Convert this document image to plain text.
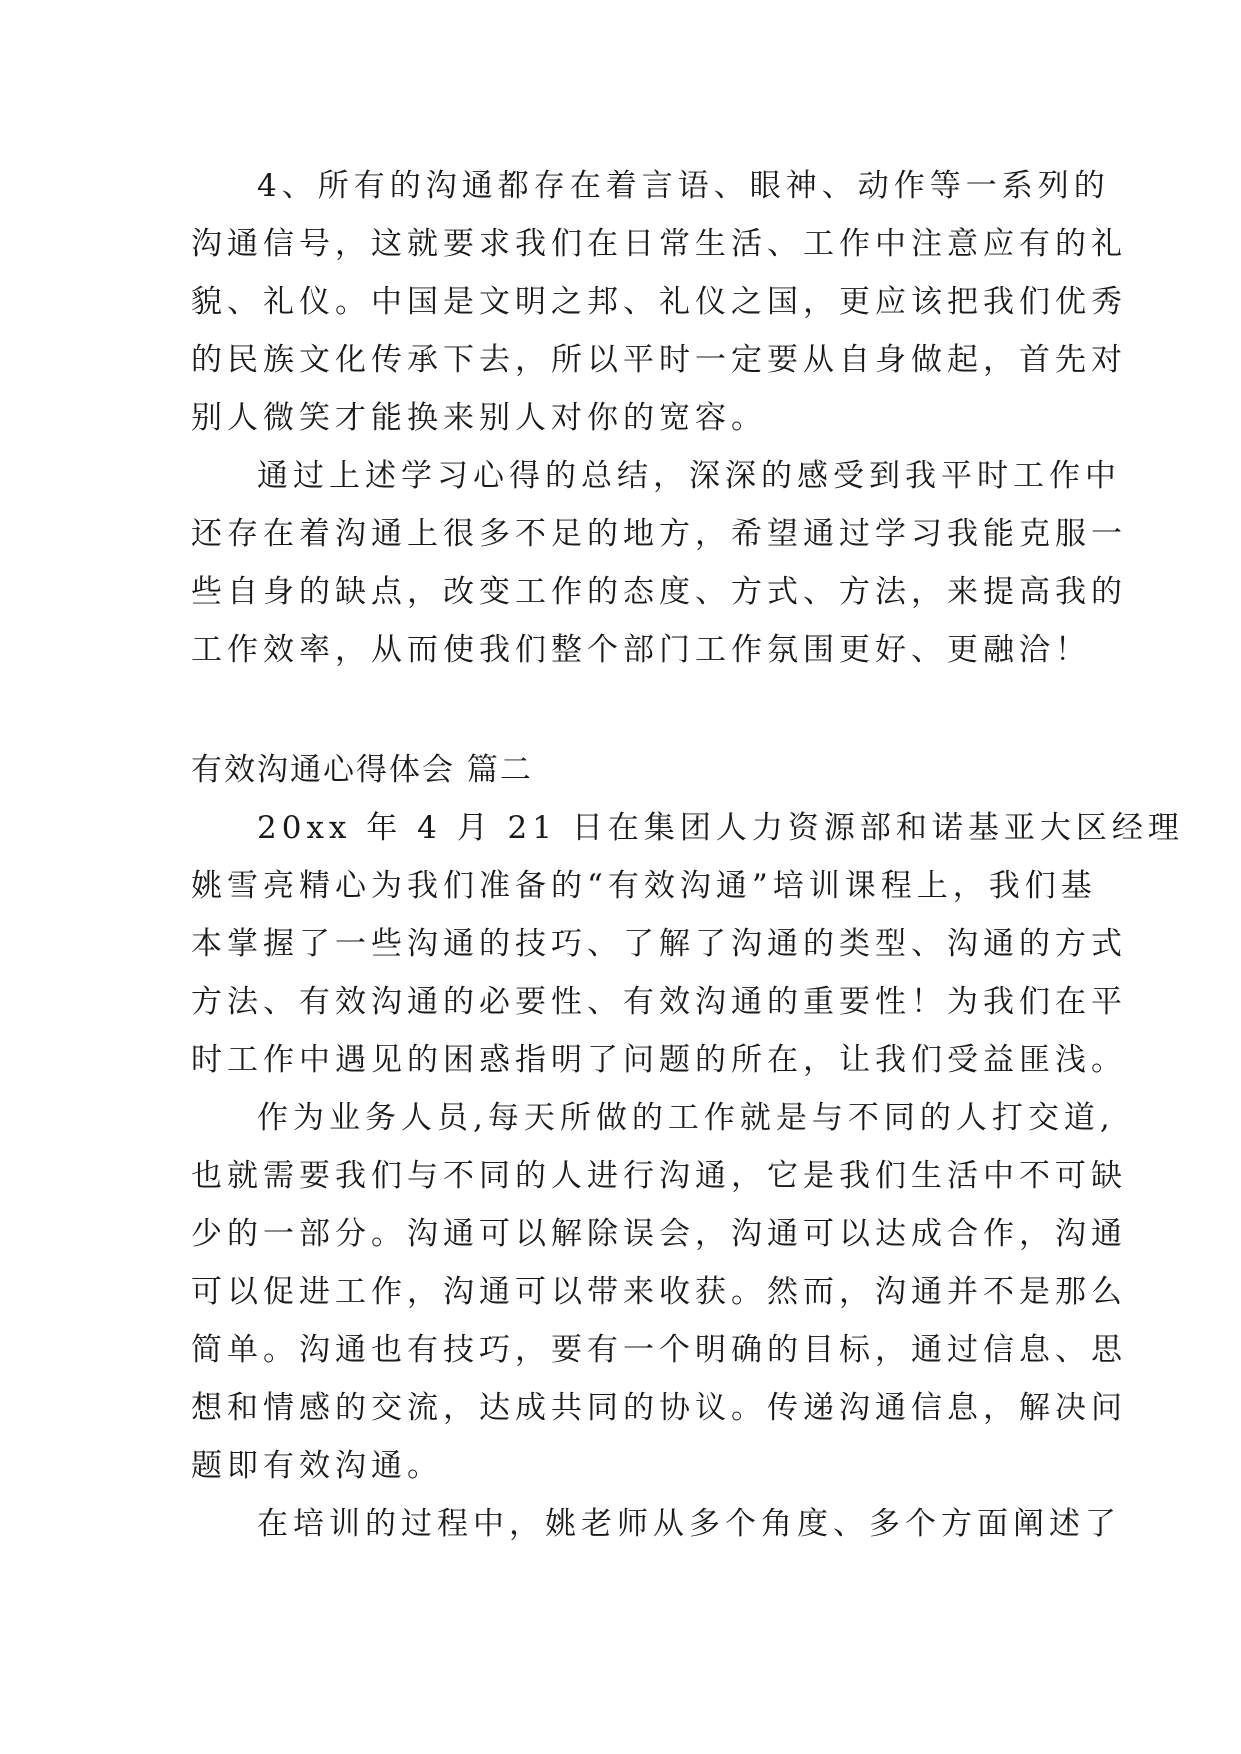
4、所有的沟通都存在着言语、眼神、动作等一系列的

沟通信号，这就要求我们在日常生活、工作中注意应有的礼

貌、礼仪。中国是文明之邦、礼仪之国，更应该把我们优秀

的民族文化传承下去，所以平时一定要从自身做起，首先对

别人微笑才能换来别人对你的宽容。

通过上述学习心得的总结，深深的感受到我平时工作中

还存在着沟通上很多不足的地方，希望通过学习我能克服一

些自身的缺点，改变工作的态度、方式、方法，来提高我的

工作效率，从而使我们整个部门工作氛围更好、更融洽！

有效沟通心得体会 篇二

20xx 年 4 月 21 日在集团人力资源部和诺基亚大区经理

姚雪亮精心为我们准备的“有效沟通”培训课程上，我们基

本掌握了一些沟通的技巧、了解了沟通的类型、沟通的方式

方法、有效沟通的必要性、有效沟通的重要性！为我们在平

时工作中遇见的困惑指明了问题的所在，让我们受益匪浅。

作为业务人员,每天所做的工作就是与不同的人打交道,

也就需要我们与不同的人进行沟通，它是我们生活中不可缺

少的一部分。沟通可以解除误会，沟通可以达成合作，沟通

可以促进工作，沟通可以带来收获。然而，沟通并不是那么

简单。沟通也有技巧，要有一个明确的目标，通过信息、思

想和情感的交流，达成共同的协议。传递沟通信息，解决问

题即有效沟通。

在培训的过程中，姚老师从多个角度、多个方面阐述了
